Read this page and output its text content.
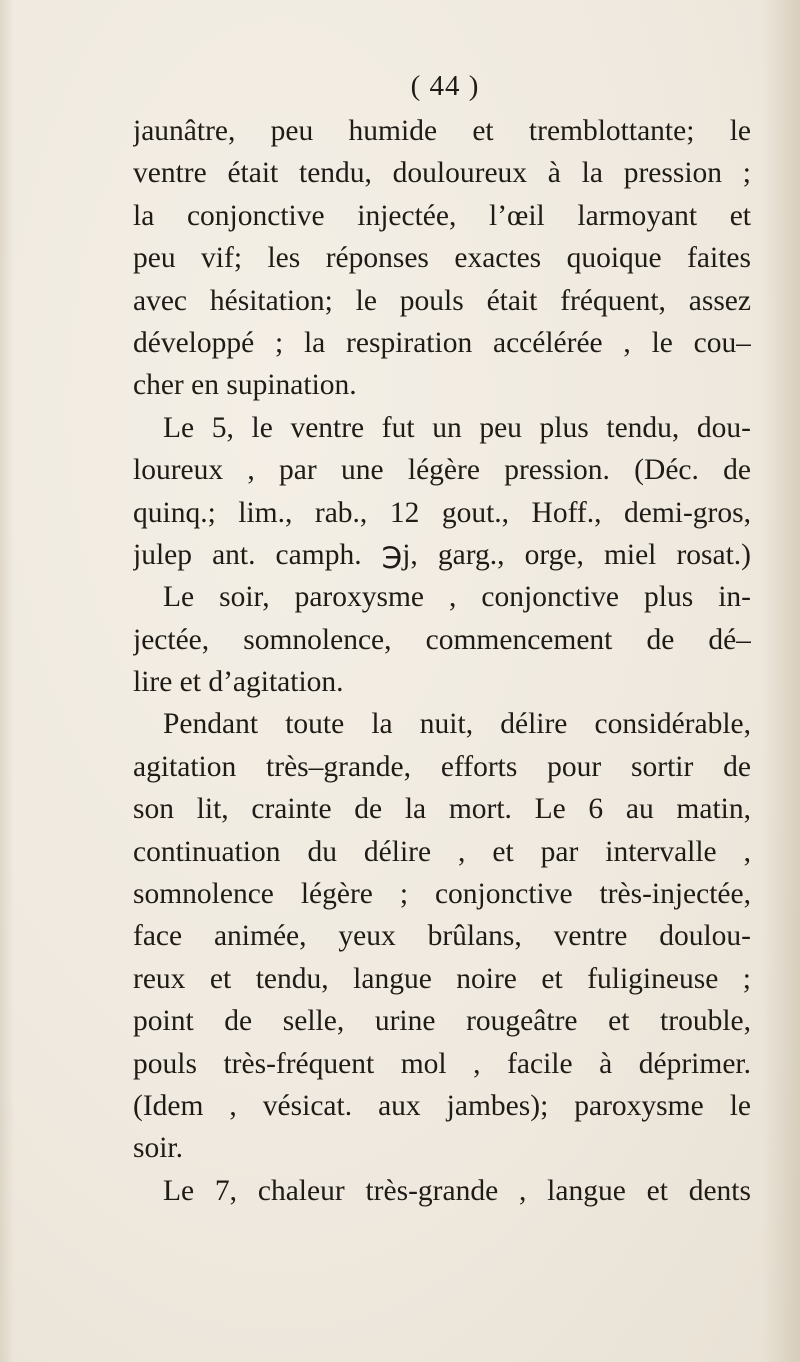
( 44 )
jaunâtre, peu humide et tremblottante; le
ventre était tendu, douloureux à la pression ;
la conjonctive injectée, l’œil larmoyant et
peu vif; les réponses exactes quoique faites
avec hésitation; le pouls était fréquent, assez
développé ; la respiration accélérée , le cou–
cher en supination.
Le 5, le ventre fut un peu plus tendu, dou-
loureux , par une légère pression. (Déc. de
quinq.; lim., rab., 12 gout., Hoff., demi-gros,
julep ant. camph. ℈j, garg., orge, miel rosat.)
Le soir, paroxysme , conjonctive plus in-
jectée, somnolence, commencement de dé–
lire et d’agitation.
Pendant toute la nuit, délire considérable,
agitation très–grande, efforts pour sortir de
son lit, crainte de la mort. Le 6 au matin,
continuation du délire , et par intervalle ,
somnolence légère ; conjonctive très-injectée,
face animée, yeux brûlans, ventre doulou-
reux et tendu, langue noire et fuligineuse ;
point de selle, urine rougeâtre et trouble,
pouls très-fréquent mol , facile à déprimer.
(Idem , vésicat. aux jambes); paroxysme le
soir.
Le 7, chaleur très-grande , langue et dents
